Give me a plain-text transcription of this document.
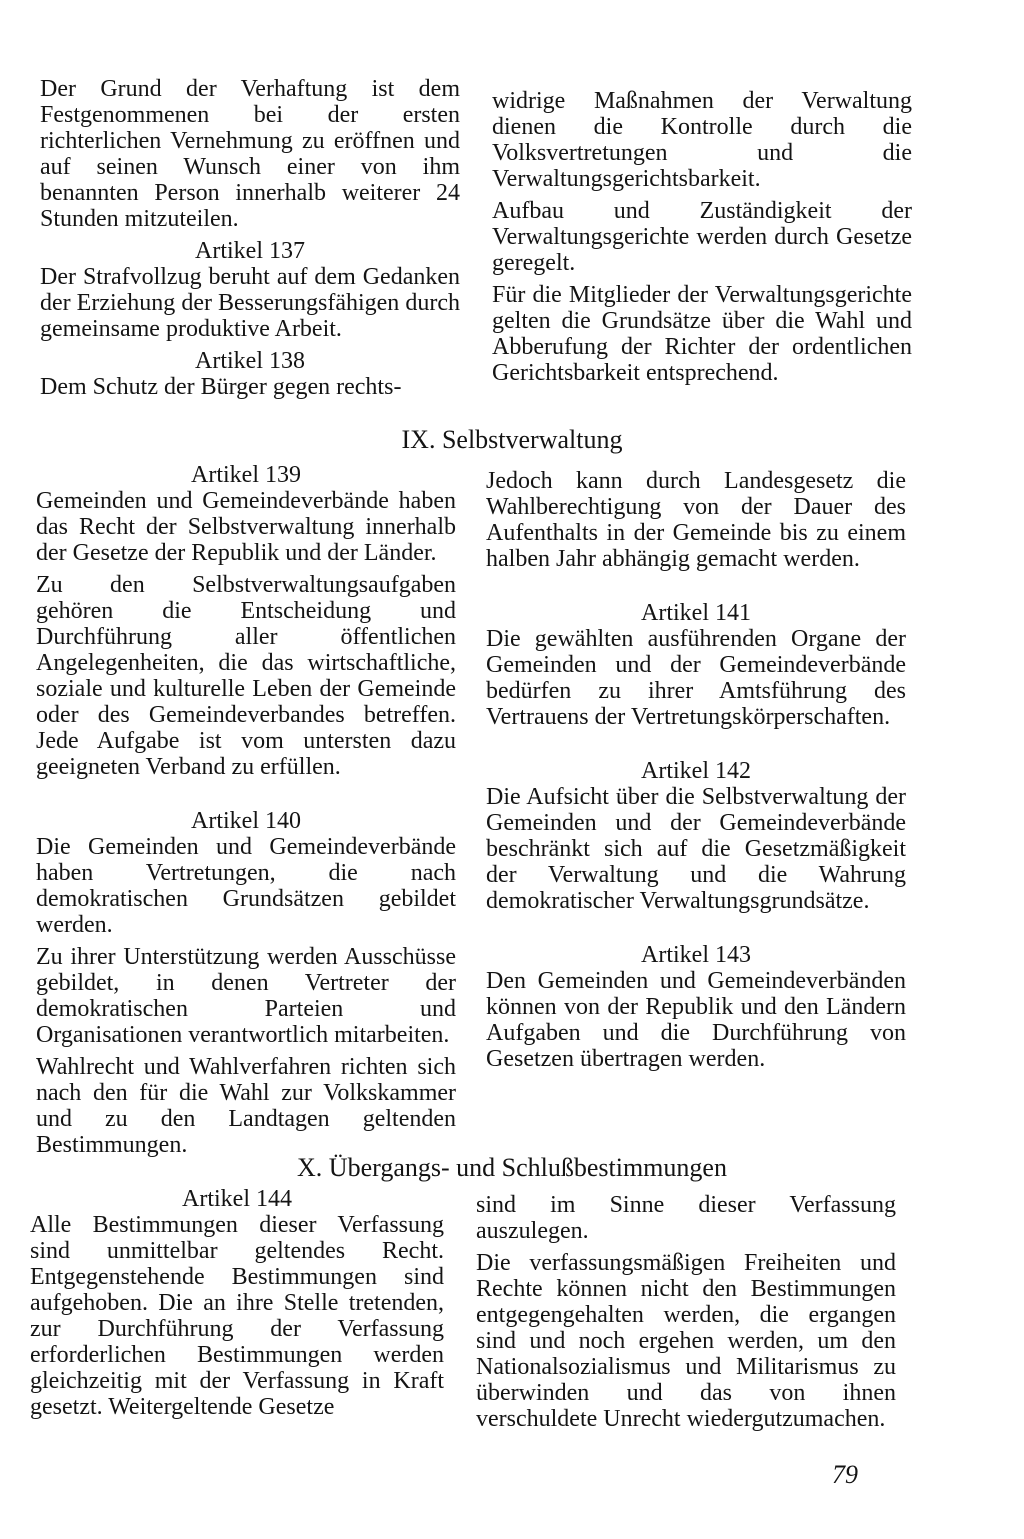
Der Grund der Verhaftung ist dem Festgenommenen bei der ersten richterlichen Vernehmung zu eröffnen und auf seinen Wunsch einer von ihm benannten Person innerhalb weiterer 24 Stunden mitzuteilen.

Artikel 137

Der Strafvollzug beruht auf dem Gedanken der Erziehung der Besserungsfähigen durch gemeinsame produktive Arbeit.

Artikel 138

Dem Schutz der Bürger gegen rechts-

widrige Maßnahmen der Verwaltung dienen die Kontrolle durch die Volksvertretungen und die Verwaltungsgerichtsbarkeit.

Aufbau und Zuständigkeit der Verwaltungsgerichte werden durch Gesetze geregelt.

Für die Mitglieder der Verwaltungsgerichte gelten die Grundsätze über die Wahl und Abberufung der Richter der ordentlichen Gerichtsbarkeit entsprechend.

IX. Selbstverwaltung
Artikel 139

Gemeinden und Gemeindeverbände haben das Recht der Selbstverwaltung innerhalb der Gesetze der Republik und der Länder.

Zu den Selbstverwaltungsaufgaben gehören die Entscheidung und Durchführung aller öffentlichen Angelegenheiten, die das wirtschaftliche, soziale und kulturelle Leben der Gemeinde oder des Gemeindeverbandes betreffen. Jede Aufgabe ist vom untersten dazu geeigneten Verband zu erfüllen.

Artikel 140

Die Gemeinden und Gemeindeverbände haben Vertretungen, die nach demokratischen Grundsätzen gebildet werden.

Zu ihrer Unterstützung werden Ausschüsse gebildet, in denen Vertreter der demokratischen Parteien und Organisationen verantwortlich mitarbeiten.

Wahlrecht und Wahlverfahren richten sich nach den für die Wahl zur Volkskammer und zu den Landtagen geltenden Bestimmungen.

Jedoch kann durch Landesgesetz die Wahlberechtigung von der Dauer des Aufenthalts in der Gemeinde bis zu einem halben Jahr abhängig gemacht werden.

Artikel 141

Die gewählten ausführenden Organe der Gemeinden und der Gemeindeverbände bedürfen zu ihrer Amtsführung des Vertrauens der Vertretungskörperschaften.

Artikel 142

Die Aufsicht über die Selbstverwaltung der Gemeinden und der Gemeindeverbände beschränkt sich auf die Gesetzmäßigkeit der Verwaltung und die Wahrung demokratischer Verwaltungsgrundsätze.

Artikel 143

Den Gemeinden und Gemeindeverbänden können von der Republik und den Ländern Aufgaben und die Durchführung von Gesetzen übertragen werden.

X. Übergangs- und Schlußbestimmungen
Artikel 144

Alle Bestimmungen dieser Verfassung sind unmittelbar geltendes Recht. Entgegenstehende Bestimmungen sind aufgehoben. Die an ihre Stelle tretenden, zur Durchführung der Verfassung erforderlichen Bestimmungen werden gleichzeitig mit der Verfassung in Kraft gesetzt. Weitergeltende Gesetze

sind im Sinne dieser Verfassung auszulegen.

Die verfassungsmäßigen Freiheiten und Rechte können nicht den Bestimmungen entgegengehalten werden, die ergangen sind und noch ergehen werden, um den Nationalsozialismus und Militarismus zu überwinden und das von ihnen verschuldete Unrecht wiedergutzumachen.

79
